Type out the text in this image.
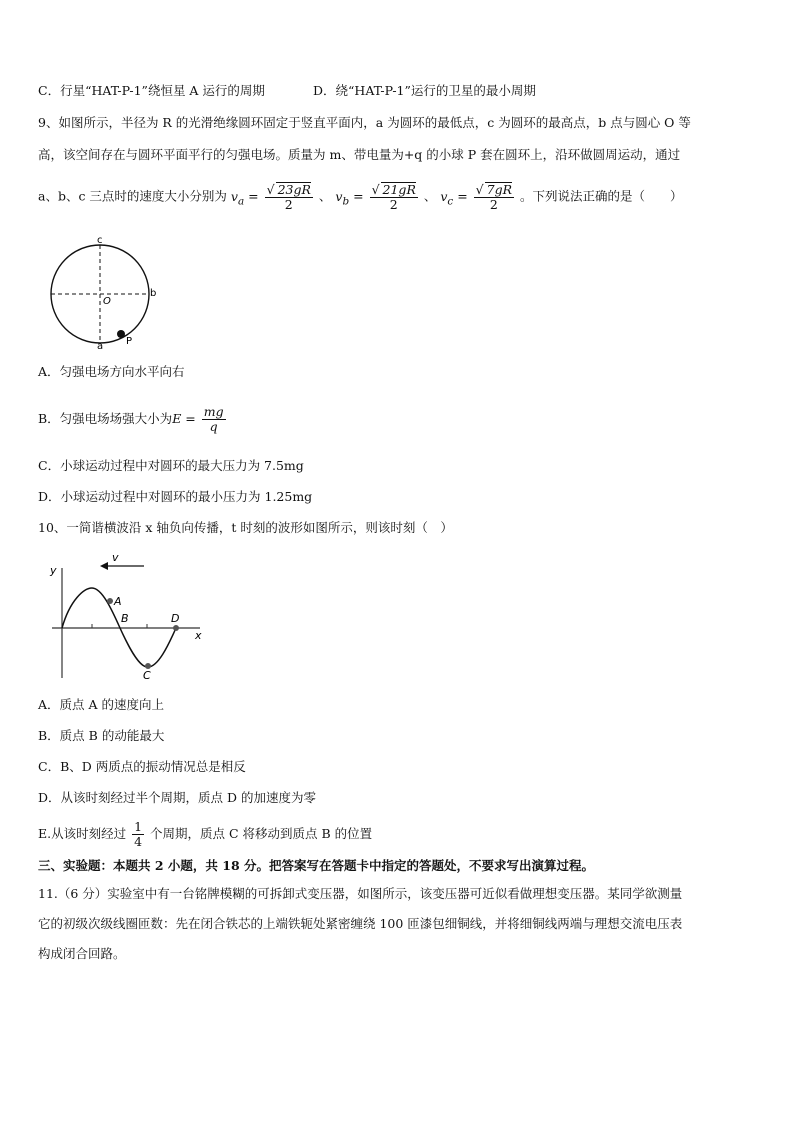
C．行星“HAT-P-1”绕恒星 A 运行的周期	D．绕“HAT-P-1”运行的卫星的最小周期
9、如图所示，半径为 R 的光滑绝缘圆环固定于竖直平面内，a 为圆环的最低点，c 为圆环的最高点，b 点与圆心 O 等
高，该空间存在与圆环平面平行的匀强电场。质量为 m、带电量为+q 的小球 P 套在圆环上，沿环做圆周运动，通过
a、b、c 三点时的速度大小分别为 $v_a = \frac{√ 23gR}{2}$ 、 $v_b = \frac{√ 21gR}{2}$ 、 $v_c = \frac{√ 7gR}{2}$ 。下列说法正确的是（　　）
c
b
a
O
P
A．匀强电场方向水平向右
B．匀强电场场强大小为$E = \frac{mg}{q}$
C．小球运动过程中对圆环的最大压力为 7.5mg
D．小球运动过程中对圆环的最小压力为 1.25mg
10、一简谐横波沿 x 轴负向传播，t 时刻的波形如图所示，则该时刻（　）
v
y
x
A
B
C
D
A．质点 A 的速度向上
B．质点 B 的动能最大
C．B、D 两质点的振动情况总是相反
D．从该时刻经过半个周期，质点 D 的加速度为零
E.从该时刻经过 $\frac{1}{4}$ 个周期，质点 C 将移动到质点 B 的位置
三、实验题：本题共 2 小题，共 18 分。把答案写在答题卡中指定的答题处，不要求写出演算过程。
11.（6 分）实验室中有一台铭牌模糊的可拆卸式变压器，如图所示，该变压器可近似看做理想变压器。某同学欲测量
它的初级次级线圈匝数：先在闭合铁芯的上端铁轭处紧密缠绕 100 匝漆包细铜线，并将细铜线两端与理想交流电压表
构成闭合回路。
